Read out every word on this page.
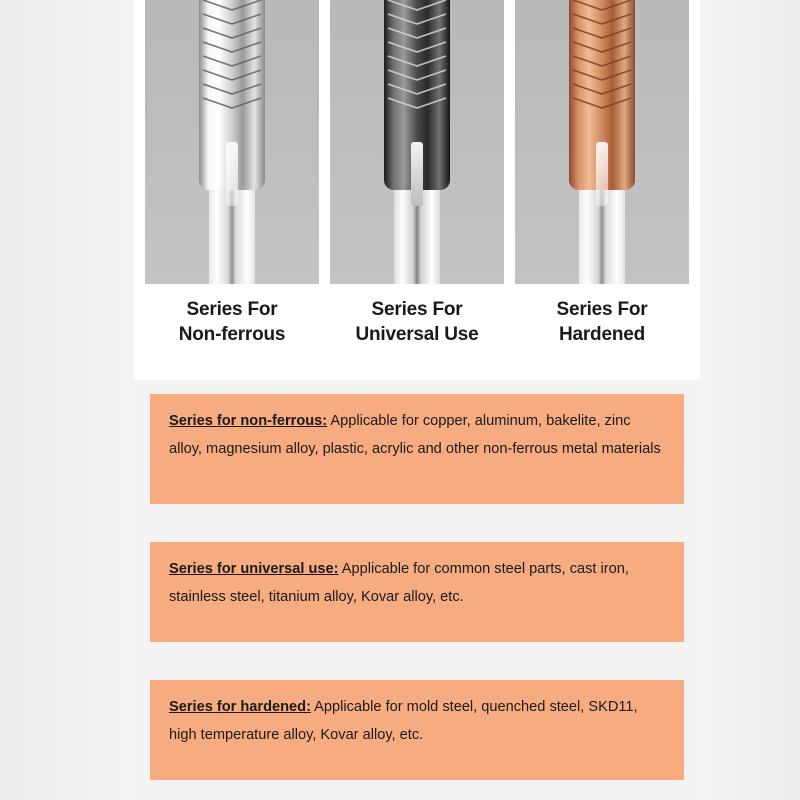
Series For
Non-ferrous
Series For
Universal Use
Series For
Hardened
Series for non-ferrous: Applicable for copper, aluminum, bakelite, zinc alloy, magnesium alloy, plastic, acrylic and other non-ferrous metal materials
Series for universal use: Applicable for common steel parts, cast iron, stainless steel, titanium alloy, Kovar alloy, etc.
Series for hardened: Applicable for mold steel, quenched steel, SKD11, high temperature alloy, Kovar alloy, etc.
